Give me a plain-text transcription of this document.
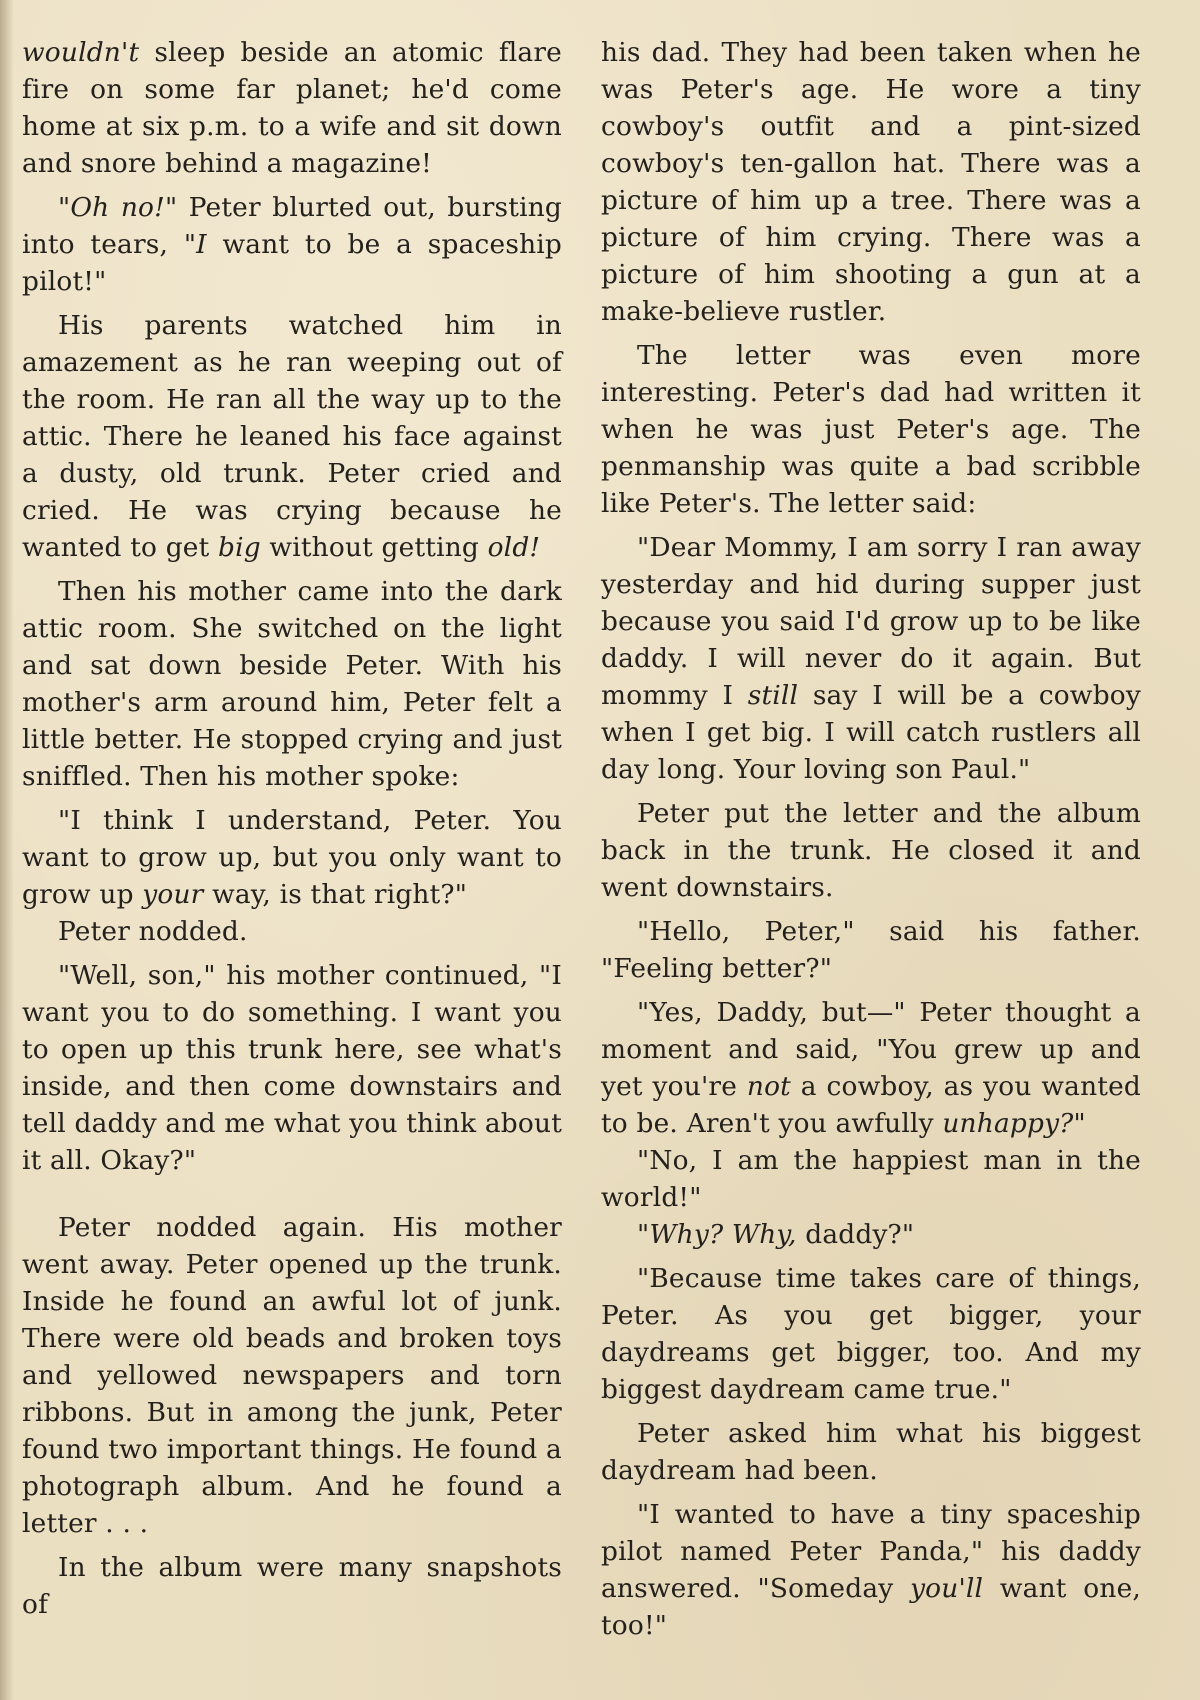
wouldn't sleep beside an atomic flare fire on some far planet; he'd come home at six p.m. to a wife and sit down and snore behind a magazine!

"Oh no!" Peter blurted out, bursting into tears, "I want to be a spaceship pilot!"

His parents watched him in amazement as he ran weeping out of the room. He ran all the way up to the attic. There he leaned his face against a dusty, old trunk. Peter cried and cried. He was crying because he wanted to get big without getting old!

Then his mother came into the dark attic room. She switched on the light and sat down beside Peter. With his mother's arm around him, Peter felt a little better. He stopped crying and just sniffled. Then his mother spoke:

"I think I understand, Peter. You want to grow up, but you only want to grow up your way, is that right?"

Peter nodded.

"Well, son," his mother continued, "I want you to do something. I want you to open up this trunk here, see what's inside, and then come downstairs and tell daddy and me what you think about it all. Okay?"

Peter nodded again. His mother went away. Peter opened up the trunk. Inside he found an awful lot of junk. There were old beads and broken toys and yellowed newspapers and torn ribbons. But in among the junk, Peter found two important things. He found a photograph album. And he found a letter . . .

In the album were many snapshots of

his dad. They had been taken when he was Peter's age. He wore a tiny cowboy's outfit and a pint-sized cowboy's ten-gallon hat. There was a picture of him up a tree. There was a picture of him crying. There was a picture of him shooting a gun at a make-believe rustler.

The letter was even more interesting. Peter's dad had written it when he was just Peter's age. The penmanship was quite a bad scribble like Peter's. The letter said:

"Dear Mommy, I am sorry I ran away yesterday and hid during supper just because you said I'd grow up to be like daddy. I will never do it again. But mommy I still say I will be a cowboy when I get big. I will catch rustlers all day long. Your loving son Paul."

Peter put the letter and the album back in the trunk. He closed it and went downstairs.

"Hello, Peter," said his father. "Feeling better?"

"Yes, Daddy, but—" Peter thought a moment and said, "You grew up and yet you're not a cowboy, as you wanted to be. Aren't you awfully unhappy?"

"No, I am the happiest man in the world!"

"Why? Why, daddy?"

"Because time takes care of things, Peter. As you get bigger, your daydreams get bigger, too. And my biggest daydream came true."

Peter asked him what his biggest daydream had been.

"I wanted to have a tiny spaceship pilot named Peter Panda," his daddy answered. "Someday you'll want one, too!"
